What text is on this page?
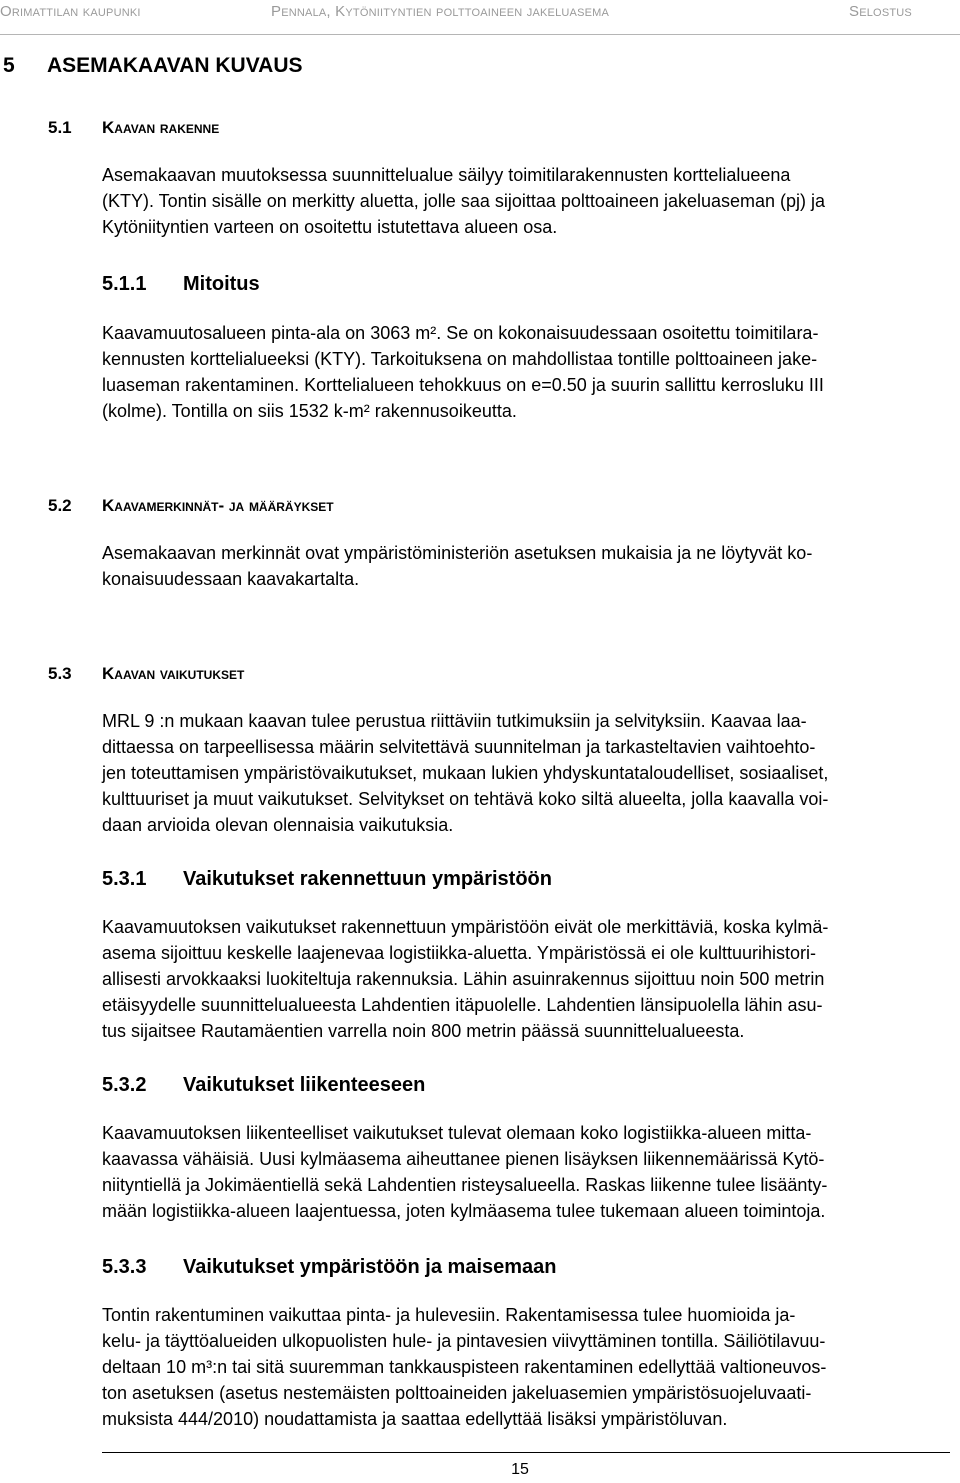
Orimattilan kaupunki	Pennala, Kytöniityntien polttoaineen jakeluasema	Selostus
5 ASEMAKAAVAN KUVAUS
5.1 Kaavan rakenne
Asemakaavan muutoksessa suunnittelualue säilyy toimitilarakennusten korttelialueena
(KTY). Tontin sisälle on merkitty aluetta, jolle saa sijoittaa polttoaineen jakeluaseman (pj) ja
Kytöniityntien varteen on osoitettu istutettava alueen osa.
5.1.1 Mitoitus
Kaavamuutosalueen pinta-ala on 3063 m². Se on kokonaisuudessaan osoitettu toimitilara-
kennusten korttelialueeksi (KTY). Tarkoituksena on mahdollistaa tontille polttoaineen jake-
luaseman rakentaminen. Korttelialueen tehokkuus on e=0.50 ja suurin sallittu kerrosluku III
(kolme). Tontilla on siis 1532 k-m² rakennusoikeutta.
5.2 Kaavamerkinnät- ja määräykset
Asemakaavan merkinnät ovat ympäristöministeriön asetuksen mukaisia ja ne löytyvät ko-
konaisuudessaan kaavakartalta.
5.3 Kaavan vaikutukset
MRL 9 :n mukaan kaavan tulee perustua riittäviin tutkimuksiin ja selvityksiin. Kaavaa laa-
dittaessa on tarpeellisessa määrin selvitettävä suunnitelman ja tarkasteltavien vaihtoehto-
jen toteuttamisen ympäristövaikutukset, mukaan lukien yhdyskuntataloudelliset, sosiaaliset,
kulttuuriset ja muut vaikutukset. Selvitykset on tehtävä koko siltä alueelta, jolla kaavalla voi-
daan arvioida olevan olennaisia vaikutuksia.
5.3.1 Vaikutukset rakennettuun ympäristöön
Kaavamuutoksen vaikutukset rakennettuun ympäristöön eivät ole merkittäviä, koska kylmä-
asema sijoittuu keskelle laajenevaa logistiikka-aluetta. Ympäristössä ei ole kulttuurihistori-
allisesti arvokkaaksi luokiteltuja rakennuksia. Lähin asuinrakennus sijoittuu noin 500 metrin
etäisyydelle suunnittelualueesta Lahdentien itäpuolelle. Lahdentien länsipuolella lähin asu-
tus sijaitsee Rautamäentien varrella noin 800 metrin päässä suunnittelualueesta.
5.3.2 Vaikutukset liikenteeseen
Kaavamuutoksen liikenteelliset vaikutukset tulevat olemaan koko logistiikka-alueen mitta-
kaavassa vähäisiä. Uusi kylmäasema aiheuttanee pienen lisäyksen liikennemäärissä Kytö-
niityntiellä ja Jokimäentiellä sekä Lahdentien risteysalueella. Raskas liikenne tulee lisäänty-
mään logistiikka-alueen laajentuessa, joten kylmäasema tulee tukemaan alueen toimintoja.
5.3.3 Vaikutukset ympäristöön ja maisemaan
Tontin rakentuminen vaikuttaa pinta- ja hulevesiin. Rakentamisessa tulee huomioida ja-
kelu- ja täyttöalueiden ulkopuolisten hule- ja pintavesien viivyttäminen tontilla. Säiliötilavuu-
deltaan 10 m³:n tai sitä suuremman tankkauspisteen rakentaminen edellyttää valtioneuvos-
ton asetuksen (asetus nestemäisten polttoaineiden jakeluasemien ympäristösuojeluvaati-
muksista 444/2010) noudattamista ja saattaa edellyttää lisäksi ympäristöluvan.
15
